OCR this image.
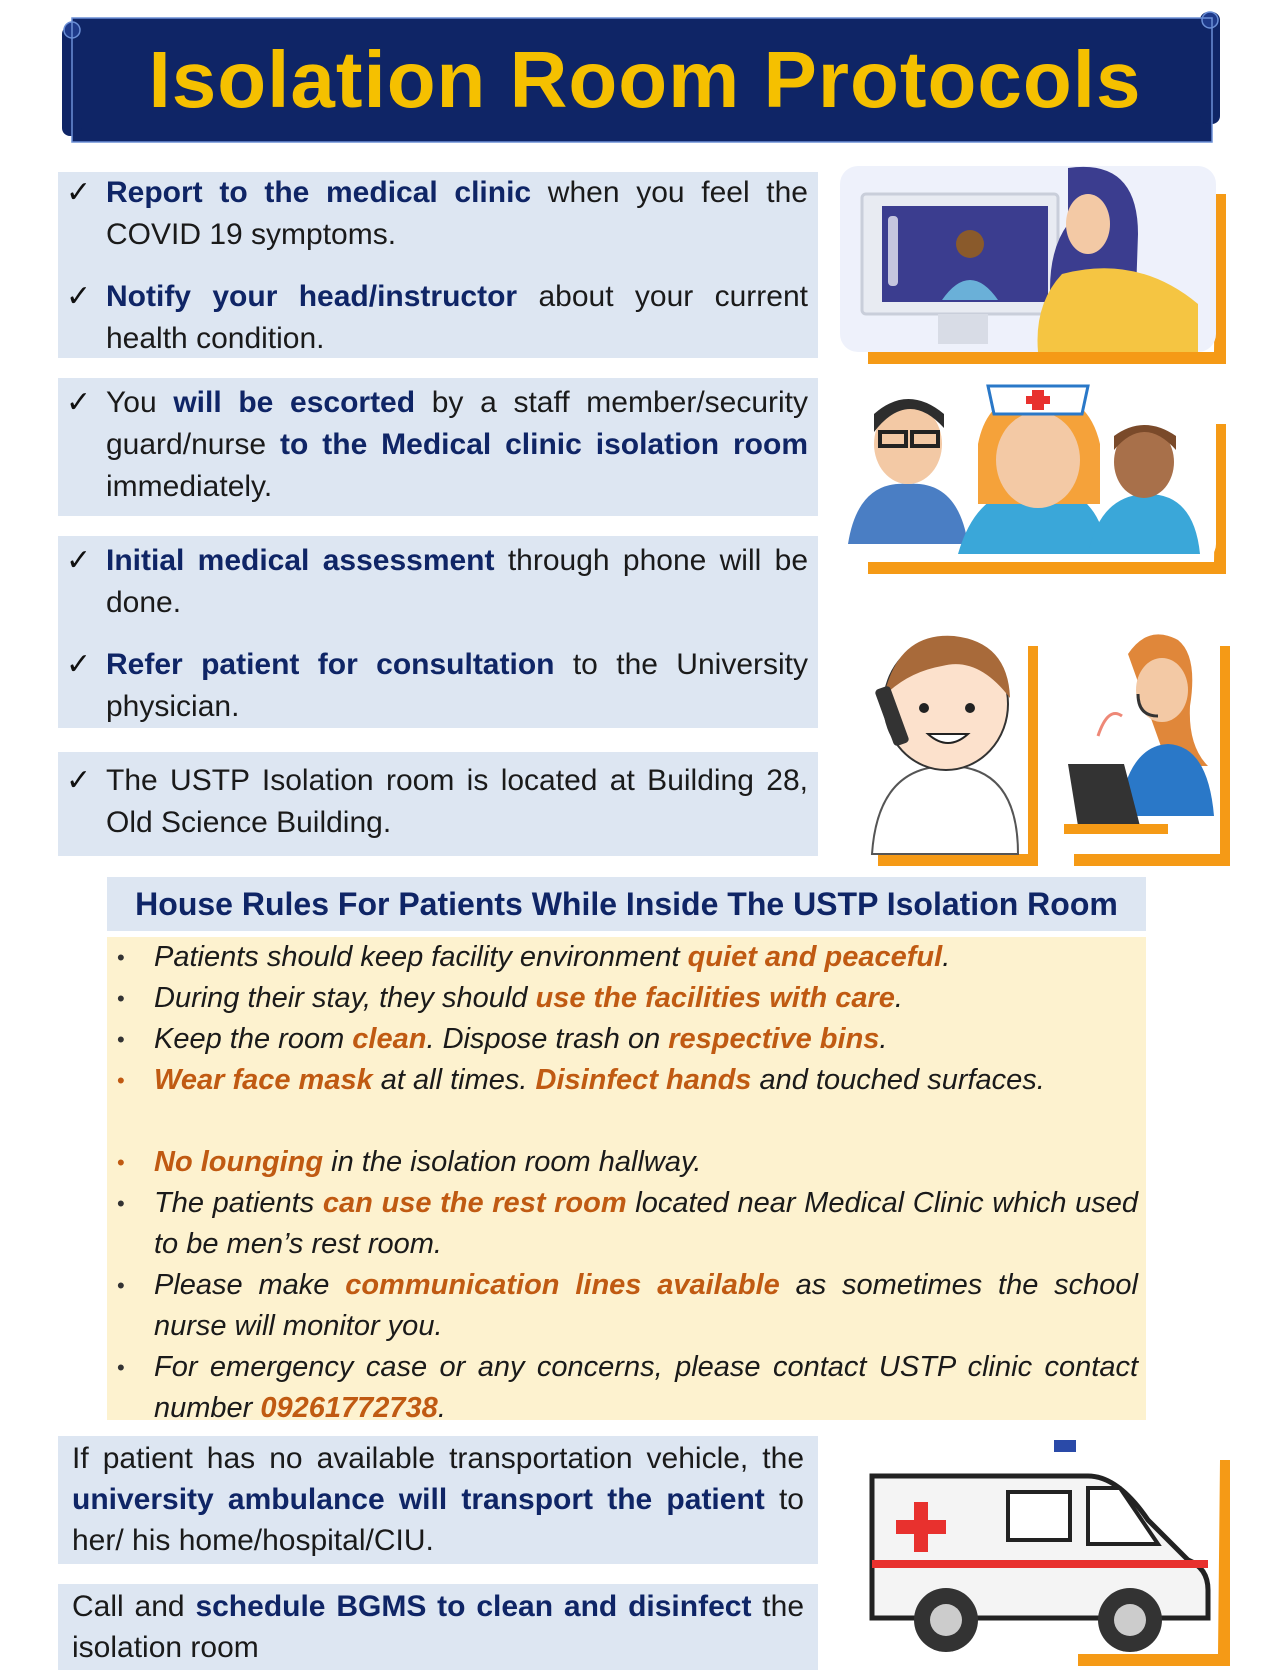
Isolation Room Protocols
✓ Report to the medical clinic when you feel the COVID 19 symptoms.
✓ Notify your head/instructor about your current health condition.
✓ You will be escorted by a staff member/security guard/nurse to the Medical clinic isolation room immediately.
✓ Initial medical assessment through phone will be done.
✓ Refer patient for consultation to the University physician.
✓ The USTP Isolation room is located at Building 28, Old Science Building.
House Rules For Patients While Inside The USTP Isolation Room
• Patients should keep facility environment quiet and peaceful.
• During their stay, they should use the facilities with care.
• Keep the room clean. Dispose trash on respective bins.
• Wear face mask at all times. Disinfect hands and touched surfaces.
• No lounging in the isolation room hallway.
• The patients can use the rest room located near Medical Clinic which used to be men’s rest room.
• Please make communication lines available as sometimes the school nurse will monitor you.
• For emergency case or any concerns, please contact USTP clinic contact number 09261772738.
If patient has no available transportation vehicle, the university ambulance will transport the patient to her/ his home/hospital/CIU.
Call and schedule BGMS to clean and disinfect the isolation room
